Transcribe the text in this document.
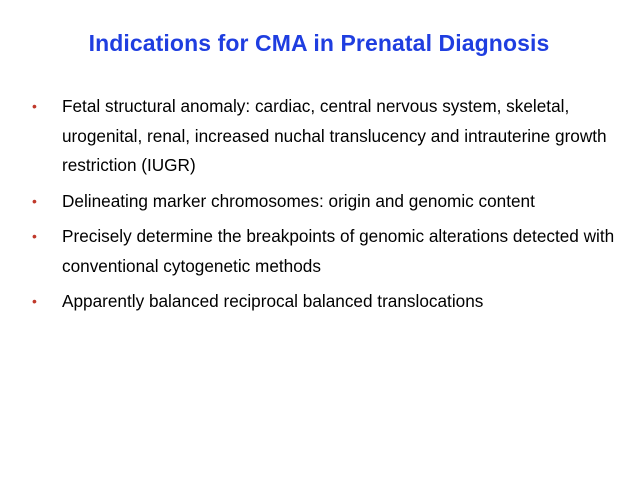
Indications for CMA in Prenatal Diagnosis
• Fetal structural anomaly: cardiac, central nervous system, skeletal, urogenital, renal, increased nuchal translucency and intrauterine growth restriction (IUGR)
• Delineating marker chromosomes: origin and genomic content
• Precisely determine the breakpoints of genomic alterations detected with conventional cytogenetic methods
• Apparently balanced reciprocal balanced translocations
